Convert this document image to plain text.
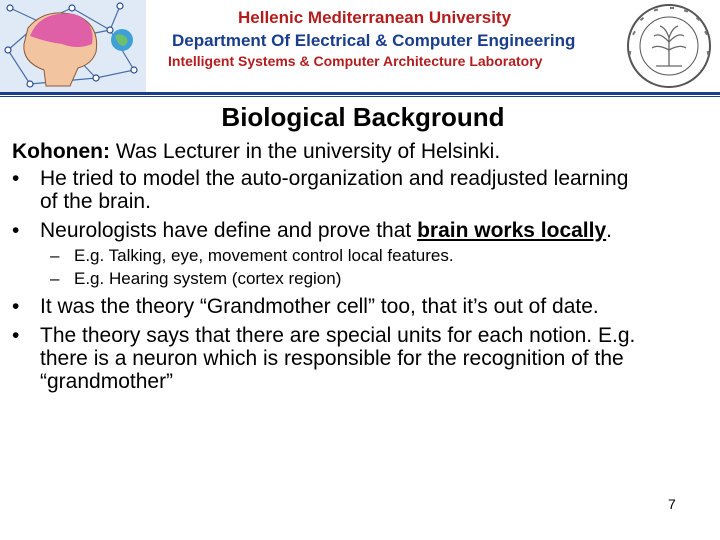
Hellenic Mediterranean University
Department Of Electrical & Computer Engineering
Intelligent Systems & Computer Architecture Laboratory
Biological Background
Kohonen: Was Lecturer in the university of Helsinki.
• He tried to model the auto-organization and readjusted learning
of the brain.
• Neurologists have define and prove that brain works locally.
– E.g. Talking, eye, movement control local features.
– E.g. Hearing system (cortex region)
• It was the theory “Grandmother cell” too, that it’s out of date.
• The theory says that there are special units for each notion. E.g.
there is a neuron which is responsible for the recognition of the
“grandmother”
7
